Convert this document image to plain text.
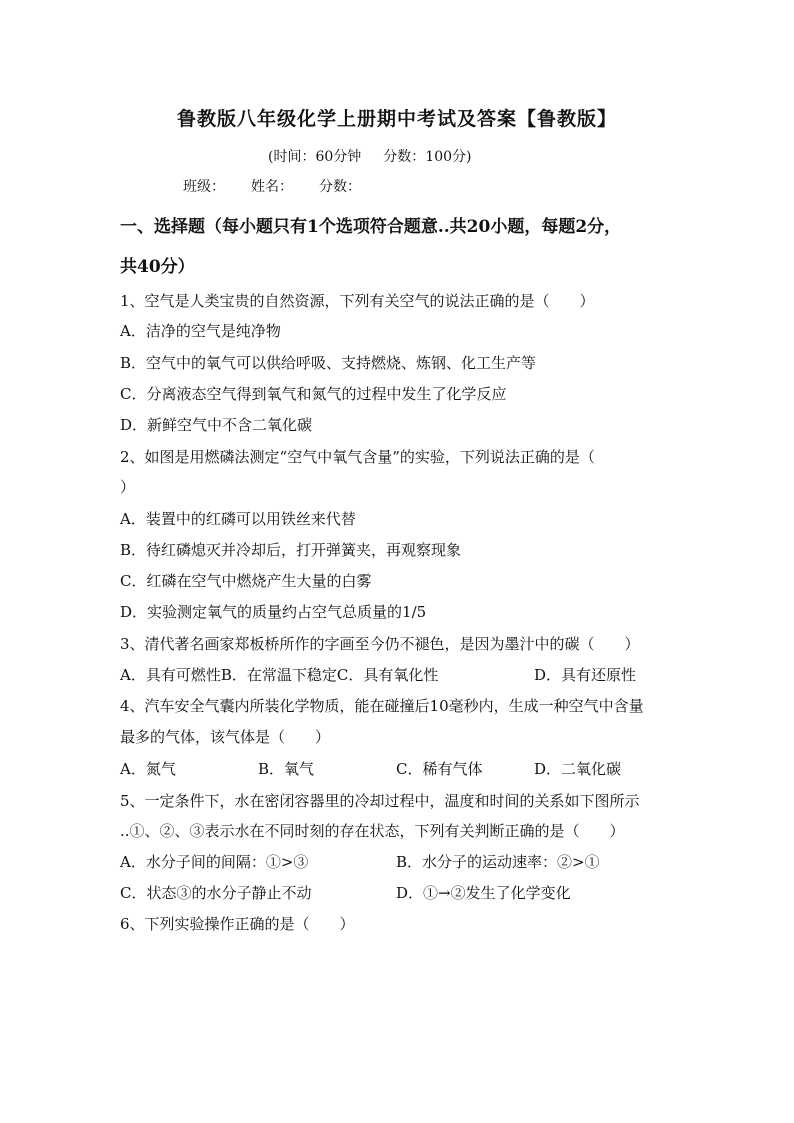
鲁教版八年级化学上册期中考试及答案【鲁教版】
(时间：60分钟 分数：100分)
班级： 姓名： 分数：
一、选择题（每小题只有1个选项符合题意..共20小题，每题2分，
共40分）
1、空气是人类宝贵的自然资源，下列有关空气的说法正确的是（　　）
A．洁净的空气是纯净物
B．空气中的氧气可以供给呼吸、支持燃烧、炼钢、化工生产等
C．分离液态空气得到氧气和氮气的过程中发生了化学反应
D．新鲜空气中不含二氧化碳
2、如图是用燃磷法测定“空气中氧气含量”的实验，下列说法正确的是（
）
A．装置中的红磷可以用铁丝来代替
B．待红磷熄灭并冷却后，打开弹簧夹，再观察现象
C．红磷在空气中燃烧产生大量的白雾
D．实验测定氧气的质量约占空气总质量的1/5
3、清代著名画家郑板桥所作的字画至今仍不褪色，是因为墨汁中的碳（　　）
A．具有可燃性B．在常温下稳定C．具有氧化性	D．具有还原性
4、汽车安全气囊内所装化学物质，能在碰撞后10毫秒内，生成一种空气中含量
最多的气体，该气体是（　　）
A．氮气	B．氧气	C．稀有气体	D．二氧化碳
5、一定条件下，水在密闭容器里的冷却过程中，温度和时间的关系如下图所示
..①、②、③表示水在不同时刻的存在状态，下列有关判断正确的是（　　）
A．水分子间的间隔：①>③	B．水分子的运动速率：②>①
C．状态③的水分子静止不动	D．①→②发生了化学变化
6、下列实验操作正确的是（　　）
